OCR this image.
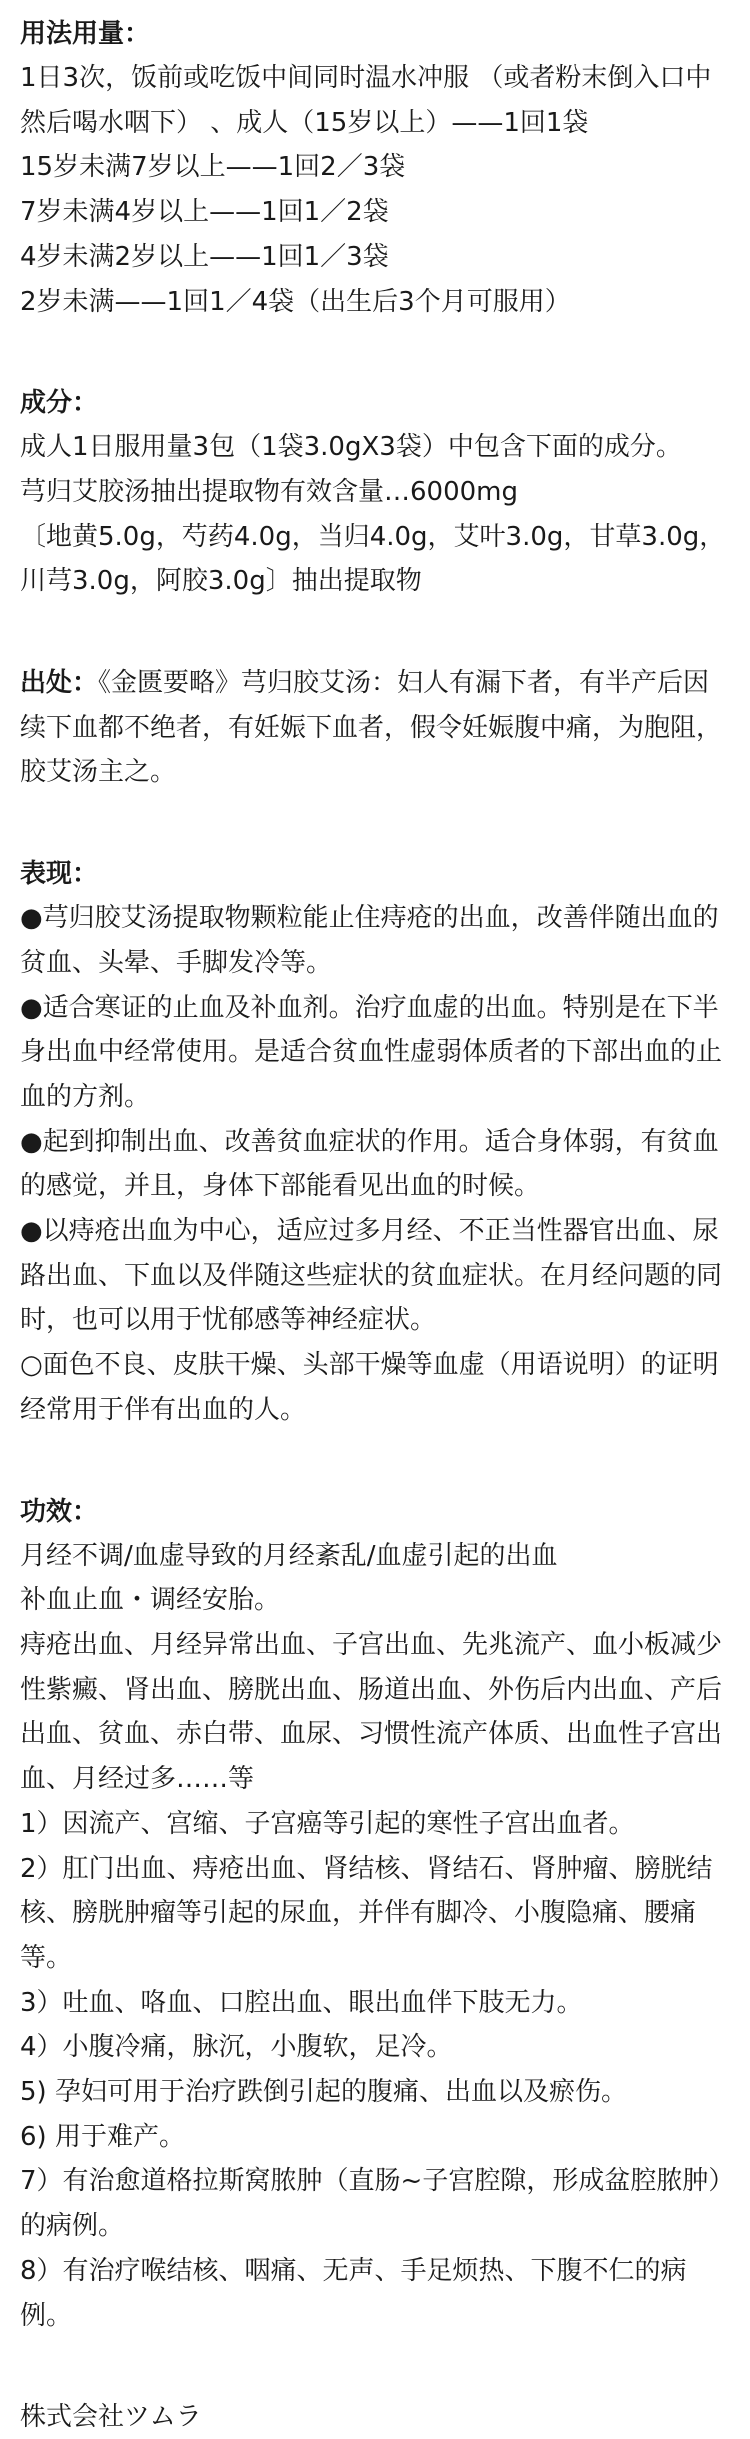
用法用量：
1日3次，饭前或吃饭中间同时温水冲服 （或者粉末倒入口中然后喝水咽下） 、成人（15岁以上）——1回1袋
15岁未满7岁以上——1回2／3袋
7岁未满4岁以上——1回1／2袋
4岁未满2岁以上——1回1／3袋
2岁未满——1回1／4袋（出生后3个月可服用）
成分：
成人1日服用量3包（1袋3.0gX3袋）中包含下面的成分。
芎归艾胶汤抽出提取物有效含量…6000mg
〔地黄5.0g，芍药4.0g，当归4.0g，艾叶3.0g，甘草3.0g，川芎3.0g，阿胶3.0g〕抽出提取物
出处：《金匮要略》芎归胶艾汤：妇人有漏下者，有半产后因续下血都不绝者，有妊娠下血者，假令妊娠腹中痛，为胞阻，胶艾汤主之。
表现：
●芎归胶艾汤提取物颗粒能止住痔疮的出血，改善伴随出血的贫血、头晕、手脚发冷等。
●适合寒证的止血及补血剂。治疗血虚的出血。特别是在下半身出血中经常使用。是适合贫血性虚弱体质者的下部出血的止血的方剂。
●起到抑制出血、改善贫血症状的作用。适合身体弱，有贫血的感觉，并且，身体下部能看见出血的时候。
●以痔疮出血为中心，适应过多月经、不正当性器官出血、尿路出血、下血以及伴随这些症状的贫血症状。在月经问题的同时，也可以用于忧郁感等神经症状。
○面色不良、皮肤干燥、头部干燥等血虚（用语说明）的证明经常用于伴有出血的人。
功效：
月经不调/血虚导致的月经紊乱/血虚引起的出血
补血止血・调经安胎。
痔疮出血、月经异常出血、子宫出血、先兆流产、血小板减少性紫癜、肾出血、膀胱出血、肠道出血、外伤后内出血、产后出血、贫血、赤白带、血尿、习惯性流产体质、出血性子宫出血、月经过多……等
1）因流产、宫缩、子宫癌等引起的寒性子宫出血者。
2）肛门出血、痔疮出血、肾结核、肾结石、肾肿瘤、膀胱结核、膀胱肿瘤等引起的尿血，并伴有脚冷、小腹隐痛、腰痛等。
3）吐血、咯血、口腔出血、眼出血伴下肢无力。
4）小腹冷痛，脉沉，小腹软，足冷。
5) 孕妇可用于治疗跌倒引起的腹痛、出血以及瘀伤。
6) 用于难产。
7）有治愈道格拉斯窝脓肿（直肠~子宫腔隙，形成盆腔脓肿）的病例。
8）有治疗喉结核、咽痛、无声、手足烦热、下腹不仁的病例。
株式会社ツムラ
